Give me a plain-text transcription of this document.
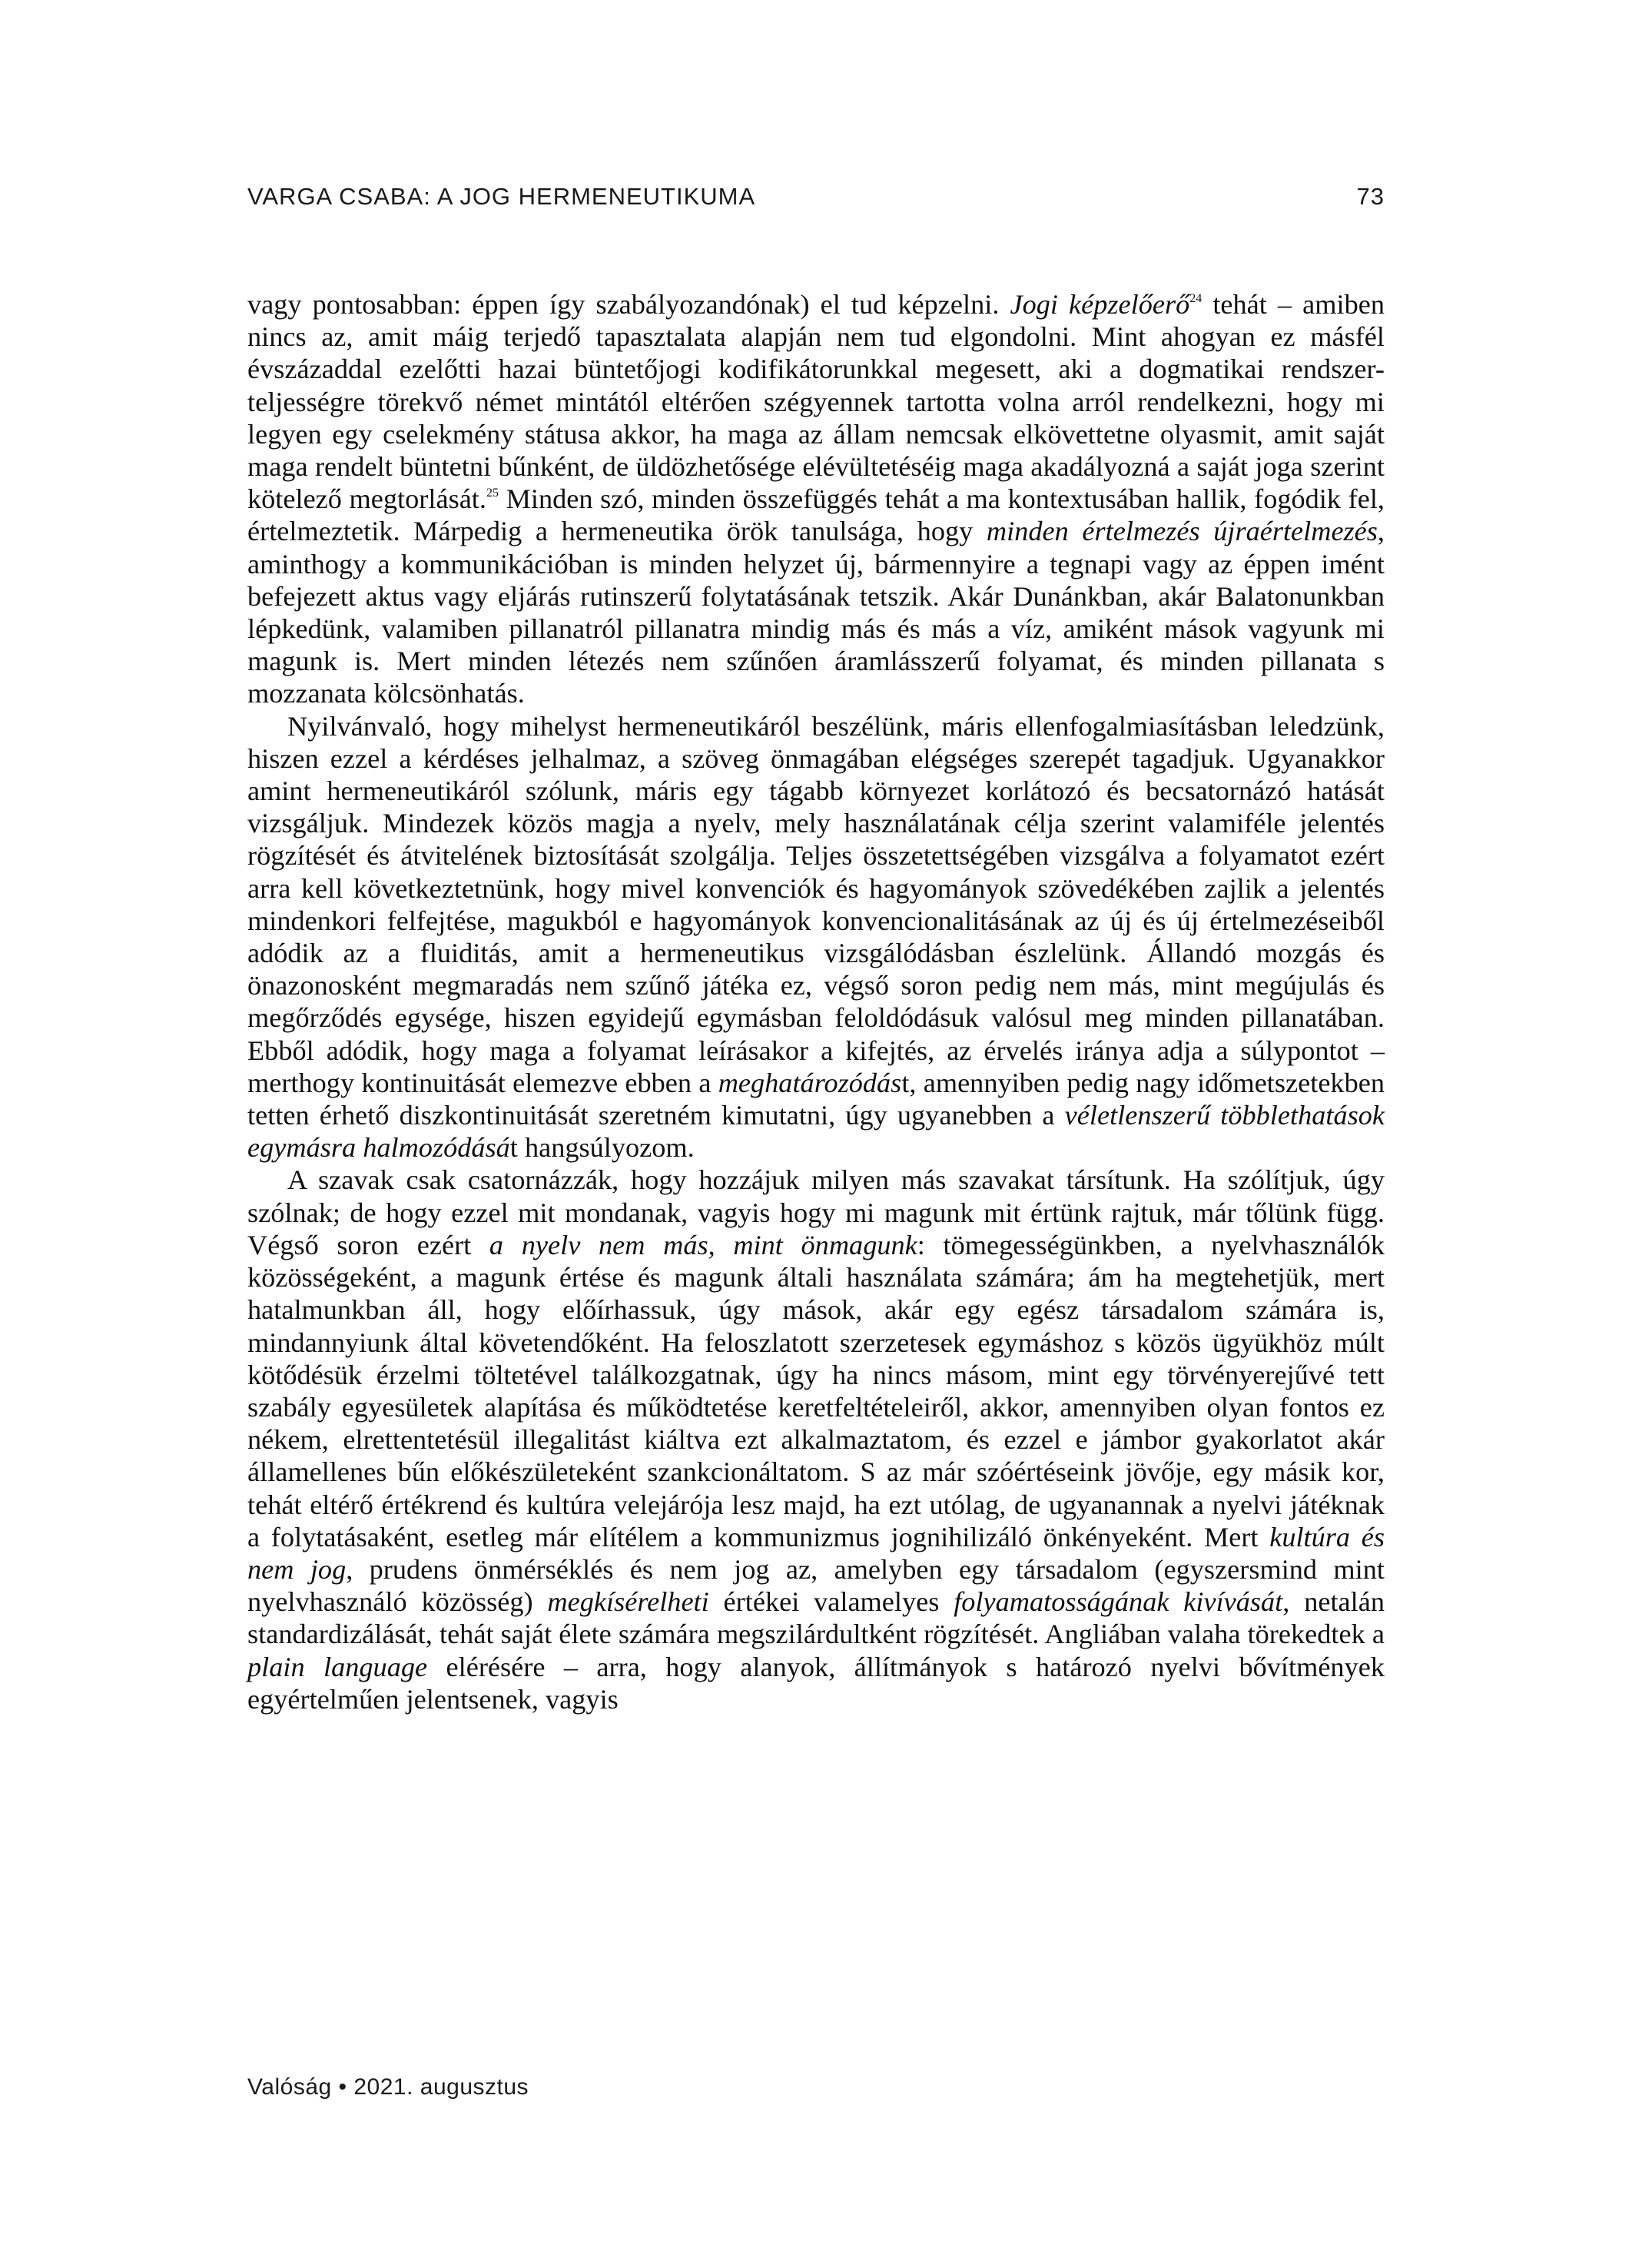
VARGA CSABA: A JOG HERMENEUTIKUMA	73

vagy pontosabban: éppen így szabályozandónak) el tud képzelni. Jogi képzelőerő$^{24}$ tehát – amiben nincs az, amit máig terjedő tapasztalata alapján nem tud elgondolni. Mint ahogyan ez másfél évszázaddal ezelőtti hazai büntetőjogi kodifikátorunkkal megesett, aki a dogmatikai rendszer-teljességre törekvő német mintától eltérően szégyennek tartotta volna arról rendelkezni, hogy mi legyen egy cselekmény státusa akkor, ha maga az állam nemcsak elkövettetne olyasmit, amit saját maga rendelt büntetni bűnként, de üldözhetősége elévültetéséig maga akadályozná a saját joga szerint kötelező megtorlását.$^{25}$ Minden szó, minden összefüggés tehát a ma kontextusában hallik, fogódik fel, értelmeztetik. Márpedig a hermeneutika örök tanulsága, hogy minden értelmezés újraértelmezés, aminthogy a kommunikációban is minden helyzet új, bármennyire a tegnapi vagy az éppen imént befejezett aktus vagy eljárás rutinszerű folytatásának tetszik. Akár Dunánkban, akár Balatonunkban lépkedünk, valamiben pillanatról pillanatra mindig más és más a víz, amiként mások vagyunk mi magunk is. Mert minden létezés nem szűnően áramlásszerű folyamat, és minden pillanata s mozzanata kölcsönhatás.

Nyilvánvaló, hogy mihelyst hermeneutikáról beszélünk, máris ellenfogalmiasításban leledzünk, hiszen ezzel a kérdéses jelhalmaz, a szöveg önmagában elégséges szerepét tagadjuk. Ugyanakkor amint hermeneutikáról szólunk, máris egy tágabb környezet korlátozó és becsatornázó hatását vizsgáljuk. Mindezek közös magja a nyelv, mely használatának célja szerint valamiféle jelentés rögzítését és átvitelének biztosítását szolgálja. Teljes összetettségében vizsgálva a folyamatot ezért arra kell következtetnünk, hogy mivel konvenciók és hagyományok szövedékében zajlik a jelentés mindenkori felfejtése, magukból e hagyományok konvencionalitásának az új és új értelmezéseiből adódik az a fluiditás, amit a hermeneutikus vizsgálódásban észlelünk. Állandó mozgás és önazonosként megmaradás nem szűnő játéka ez, végső soron pedig nem más, mint megújulás és megőrződés egysége, hiszen egyidejű egymásban feloldódásuk valósul meg minden pillanatában. Ebből adódik, hogy maga a folyamat leírásakor a kifejtés, az érvelés iránya adja a súlypontot – merthogy kontinuitását elemezve ebben a meghatározódást, amennyiben pedig nagy időmetszetekben tetten érhető diszkontinuitását szeretném kimutatni, úgy ugyanebben a véletlenszerű többlethatások egymásra halmozódását hangsúlyozom.

A szavak csak csatornázzák, hogy hozzájuk milyen más szavakat társítunk. Ha szólítjuk, úgy szólnak; de hogy ezzel mit mondanak, vagyis hogy mi magunk mit értünk rajtuk, már tőlünk függ. Végső soron ezért a nyelv nem más, mint önmagunk: tömegességünkben, a nyelvhasználók közösségeként, a magunk értése és magunk általi használata számára; ám ha megtehetjük, mert hatalmunkban áll, hogy előírhassuk, úgy mások, akár egy egész társadalom számára is, mindannyiunk által követendőként. Ha feloszlatott szerzetesek egymáshoz s közös ügyükhöz múlt kötődésük érzelmi töltetével találkozgatnak, úgy ha nincs másom, mint egy törvényerejűvé tett szabály egyesületek alapítása és működtetése keretfeltételeiről, akkor, amennyiben olyan fontos ez nékem, elrettentetésül illegalitást kiáltva ezt alkalmaztatom, és ezzel e jámbor gyakorlatot akár államellenes bűn előkészületeként szankcionáltatom. S az már szóértéseink jövője, egy másik kor, tehát eltérő értékrend és kultúra velejárója lesz majd, ha ezt utólag, de ugyanannak a nyelvi játéknak a folytatásaként, esetleg már elítélem a kommunizmus jognihilizáló önkényeként. Mert kultúra és nem jog, prudens önmérséklés és nem jog az, amelyben egy társadalom (egyszersmind mint nyelvhasználó közösség) megkísérelheti értékei valamelyes folyamatosságának kivívását, netalán standardizálását, tehát saját élete számára megszilárdultként rögzítését. Angliában valaha törekedtek a plain language elérésére – arra, hogy alanyok, állítmányok s határozó nyelvi bővítmények egyértelműen jelentsenek, vagyis

Valóság • 2021. augusztus
